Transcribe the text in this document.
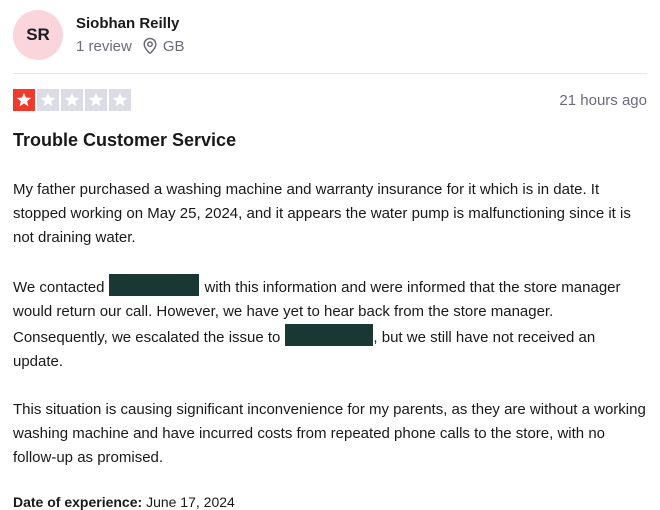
SR
Siobhan Reilly
1 review GB
21 hours ago
Trouble Customer Service

My father purchased a washing machine and warranty insurance for it which is in date. It stopped working on May 25, 2024, and it appears the water pump is malfunctioning since it is not draining water.

We contacted	with this information and were informed that the store manager would return our call. However, we have yet to hear back from the store manager. Consequently, we escalated the issue to	, but we still have not received an update.

This situation is causing significant inconvenience for my parents, as they are without a working washing machine and have incurred costs from repeated phone calls to the store, with no follow-up as promised.

Date of experience: June 17, 2024
